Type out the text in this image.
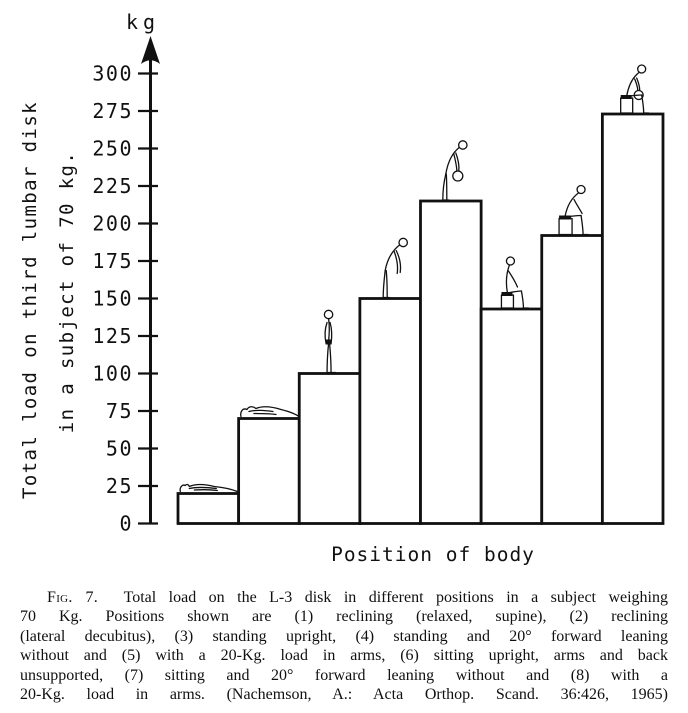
0
25
50
75
100
125
150
175
200
225
250
275
300
kg
Total load on third lumbar disk in a subject of 70 kg.
Position of body
Fig. 7. Total load on the L-3 disk in different positions in a subject weighing
70 Kg. Positions shown are (1) reclining (relaxed, supine), (2) reclining
(lateral decubitus), (3) standing upright, (4) standing and 20° forward leaning
without and (5) with a 20-Kg. load in arms, (6) sitting upright, arms and back
unsupported, (7) sitting and 20° forward leaning without and (8) with a
20-Kg. load in arms. (Nachemson, A.: Acta Orthop. Scand. 36:426, 1965)
